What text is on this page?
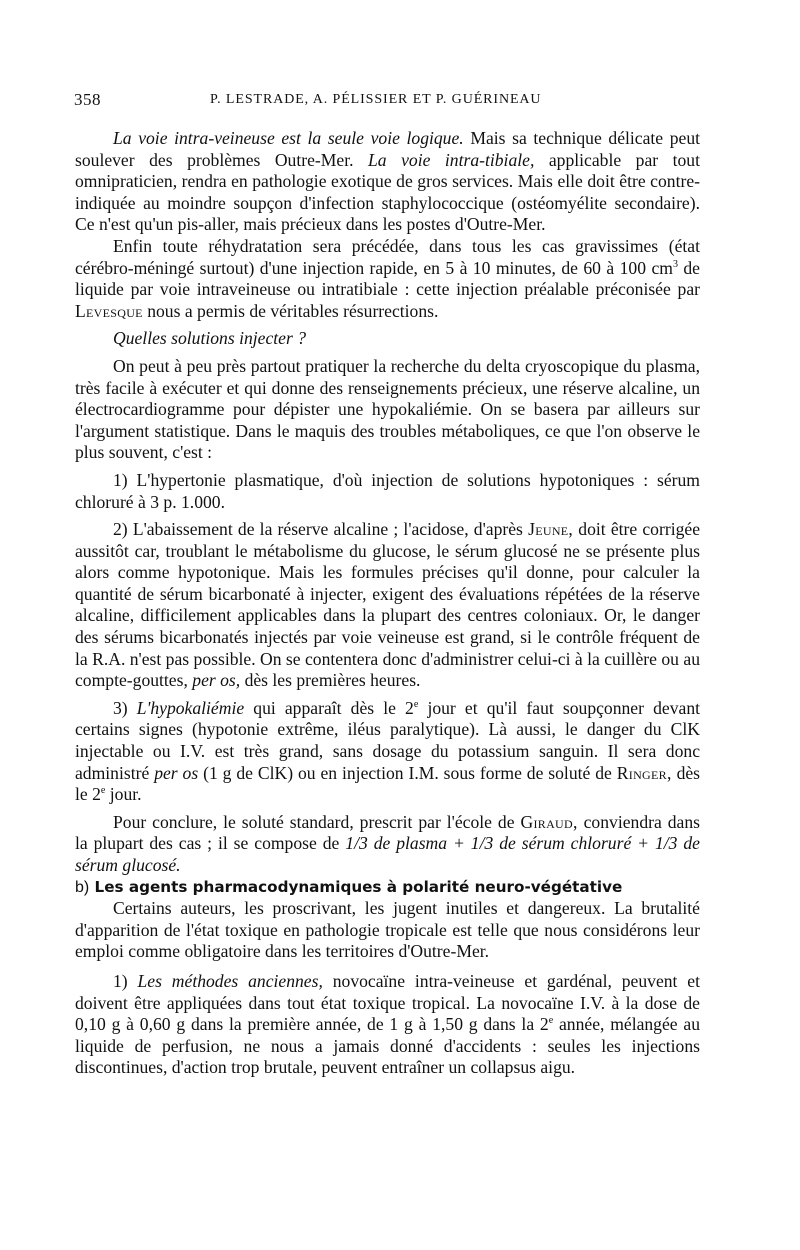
358	P. LESTRADE, A. PÉLISSIER ET P. GUÉRINEAU

La voie intra-veineuse est la seule voie logique. Mais sa technique délicate peut soulever des problèmes Outre-Mer. La voie intra-tibiale, applicable par tout omnipraticien, rendra en pathologie exotique de gros services. Mais elle doit être contre-indiquée au moindre soupçon d'infection staphylococcique (ostéomyélite secondaire). Ce n'est qu'un pis-aller, mais précieux dans les postes d'Outre-Mer.

Enfin toute réhydratation sera précédée, dans tous les cas gravissimes (état cérébro-méningé surtout) d'une injection rapide, en 5 à 10 minutes, de 60 à 100 $cm^3$ de liquide par voie intraveineuse ou intratibiale : cette injection préalable préconisée par Levesque nous a permis de véritables résurrections.

Quelles solutions injecter ?

On peut à peu près partout pratiquer la recherche du delta cryoscopique du plasma, très facile à exécuter et qui donne des renseignements précieux, une réserve alcaline, un électrocardiogramme pour dépister une hypokaliémie. On se basera par ailleurs sur l'argument statistique. Dans le maquis des troubles métaboliques, ce que l'on observe le plus souvent, c'est :

1) L'hypertonie plasmatique, d'où injection de solutions hypotoniques : sérum chloruré à 3 p. 1.000.

2) L'abaissement de la réserve alcaline ; l'acidose, d'après Jeune, doit être corrigée aussitôt car, troublant le métabolisme du glucose, le sérum glucosé ne se présente plus alors comme hypotonique. Mais les formules précises qu'il donne, pour calculer la quantité de sérum bicarbonaté à injecter, exigent des évaluations répétées de la réserve alcaline, difficilement applicables dans la plupart des centres coloniaux. Or, le danger des sérums bicarbonatés injectés par voie veineuse est grand, si le contrôle fréquent de la R.A. n'est pas possible. On se contentera donc d'administrer celui-ci à la cuillère ou au compte-gouttes, per os, dès les premières heures.

3) L'hypokaliémie qui apparaît dès le 2e jour et qu'il faut soupçonner devant certains signes (hypotonie extrême, iléus paralytique). Là aussi, le danger du ClK injectable ou I.V. est très grand, sans dosage du potassium sanguin. Il sera donc administré per os (1 g de ClK) ou en injection I.M. sous forme de soluté de Ringer, dès le 2e jour.

Pour conclure, le soluté standard, prescrit par l'école de Giraud, conviendra dans la plupart des cas ; il se compose de 1/3 de plasma + 1/3 de sérum chloruré + 1/3 de sérum glucosé.

b) Les agents pharmacodynamiques à polarité neuro-végétative

Certains auteurs, les proscrivant, les jugent inutiles et dangereux. La brutalité d'apparition de l'état toxique en pathologie tropicale est telle que nous considérons leur emploi comme obligatoire dans les territoires d'Outre-Mer.

1) Les méthodes anciennes, novocaïne intra-veineuse et gardénal, peuvent et doivent être appliquées dans tout état toxique tropical. La novocaïne I.V. à la dose de 0,10 g à 0,60 g dans la première année, de 1 g à 1,50 g dans la 2e année, mélangée au liquide de perfusion, ne nous a jamais donné d'accidents : seules les injections discontinues, d'action trop brutale, peuvent entraîner un collapsus aigu.
